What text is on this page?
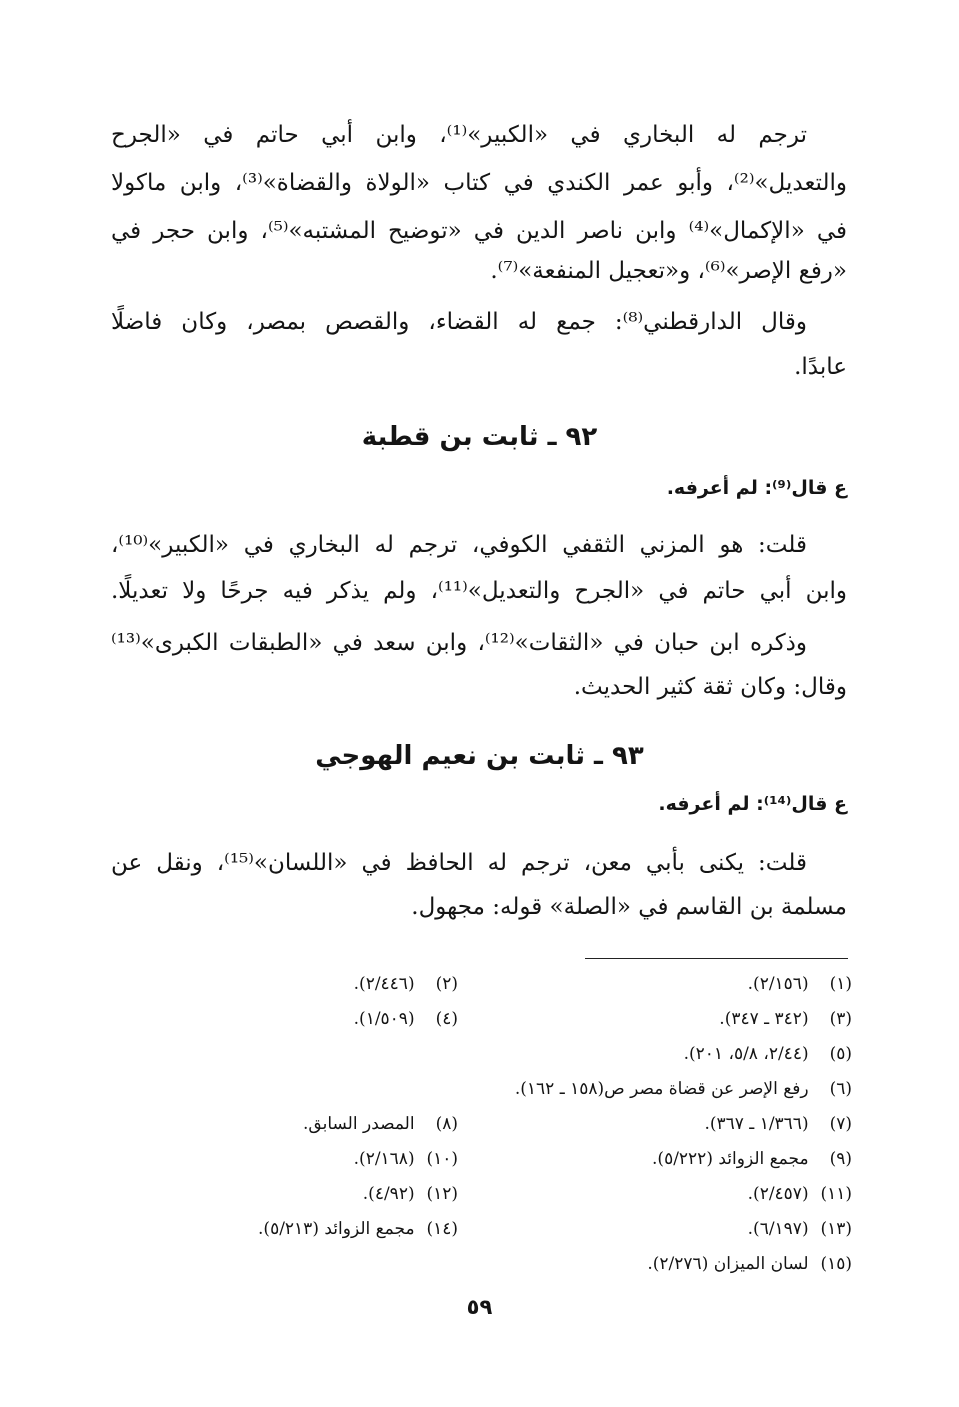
ترجم له البخاري في «الكبير»⁽¹⁾، وابن أبي حاتم في «الجرح
والتعديل»⁽²⁾، وأبو عمر الكندي في كتاب «الولاة والقضاة»⁽³⁾، وابن ماكولا
في «الإكمال»⁽⁴⁾ وابن ناصر الدين في «توضيح المشتبه»⁽⁵⁾، وابن حجر في
«رفع الإصر»⁽⁶⁾، و«تعجيل المنفعة»⁽⁷⁾.
وقال الدارقطني⁽⁸⁾: جمع له القضاء، والقصص بمصر، وكان فاضلًا
عابدًا.
٩٢ ـ ثابت بن قطبة
ع قال⁽⁹⁾: لم أعرفه.
قلت: هو المزني الثقفي الكوفي، ترجم له البخاري في «الكبير»⁽¹⁰⁾،
وابن أبي حاتم في «الجرح والتعديل»⁽¹¹⁾، ولم يذكر فيه جرحًا ولا تعديلًا.
وذكره ابن حبان في «الثقات»⁽¹²⁾، وابن سعد في «الطبقات الكبرى»⁽¹³⁾
وقال: وكان ثقة كثير الحديث.
٩٣ ـ ثابت بن نعيم الهوجي
ع قال⁽¹⁴⁾: لم أعرفه.
قلت: يكنى بأبي معن، ترجم له الحافظ في «اللسان»⁽¹⁵⁾، ونقل عن
مسلمة بن القاسم في «الصلة» قوله: مجهول.
(١) (٢/١٥٦).
(٢) (٢/٤٤٦).
(٣) (٣٤٢ ـ ٣٤٧).
(٤) (١/٥٠٩).
(٥) (٢/٤٤، ٥/٨، ٢٠١).
(٦) رفع الإصر عن قضاة مصر ص(١٥٨ ـ ١٦٢).
(٧) (١/٣٦٦ ـ ٣٦٧).
(٨) المصدر السابق.
(٩) مجمع الزوائد (٥/٢٢٢).
(١٠) (٢/١٦٨).
(١١) (٢/٤٥٧).
(١٢) (٤/٩٢).
(١٣) (٦/١٩٧).
(١٤) مجمع الزوائد (٥/٢١٣).
(١٥) لسان الميزان (٢/٢٧٦).
٥٩
